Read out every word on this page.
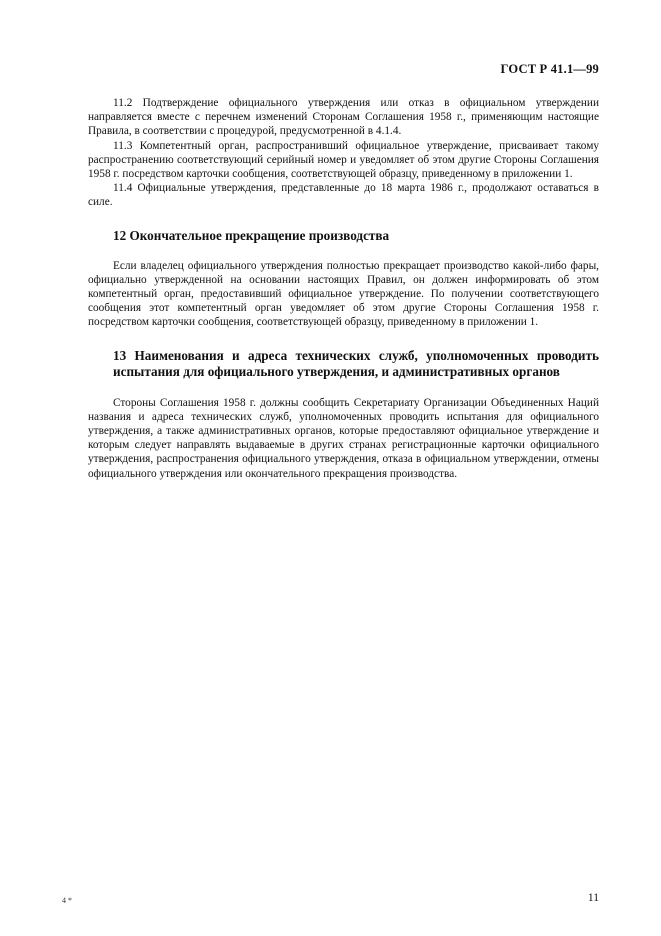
ГОСТ Р 41.1—99

11.2 Подтверждение официального утверждения или отказ в официальном утверждении направляется вместе с перечнем изменений Сторонам Соглашения 1958 г., применяющим настоящие Правила, в соответствии с процедурой, предусмотренной в 4.1.4.

11.3 Компетентный орган, распространивший официальное утверждение, присваивает такому распространению соответствующий серийный номер и уведомляет об этом другие Стороны Соглашения 1958 г. посредством карточки сообщения, соответствующей образцу, приведенному в приложении 1.

11.4 Официальные утверждения, представленные до 18 марта 1986 г., продолжают оставаться в силе.

12 Окончательное прекращение производства

Если владелец официального утверждения полностью прекращает производство какой-либо фары, официально утвержденной на основании настоящих Правил, он должен информировать об этом компетентный орган, предоставивший официальное утверждение. По получении соответствующего сообщения этот компетентный орган уведомляет об этом другие Стороны Соглашения 1958 г. посредством карточки сообщения, соответствующей образцу, приведенному в приложении 1.

13 Наименования и адреса технических служб, уполномоченных проводить испытания для официального утверждения, и административных органов

Стороны Соглашения 1958 г. должны сообщить Секретариату Организации Объединенных Наций названия и адреса технических служб, уполномоченных проводить испытания для официального утверждения, а также административных органов, которые предоставляют официальное утверждение и которым следует направлять выдаваемые в других странах регистрационные карточки официального утверждения, распространения официального утверждения, отказа в официальном утверждении, отмены официального утверждения или окончательного прекращения производства.

4 *	11
